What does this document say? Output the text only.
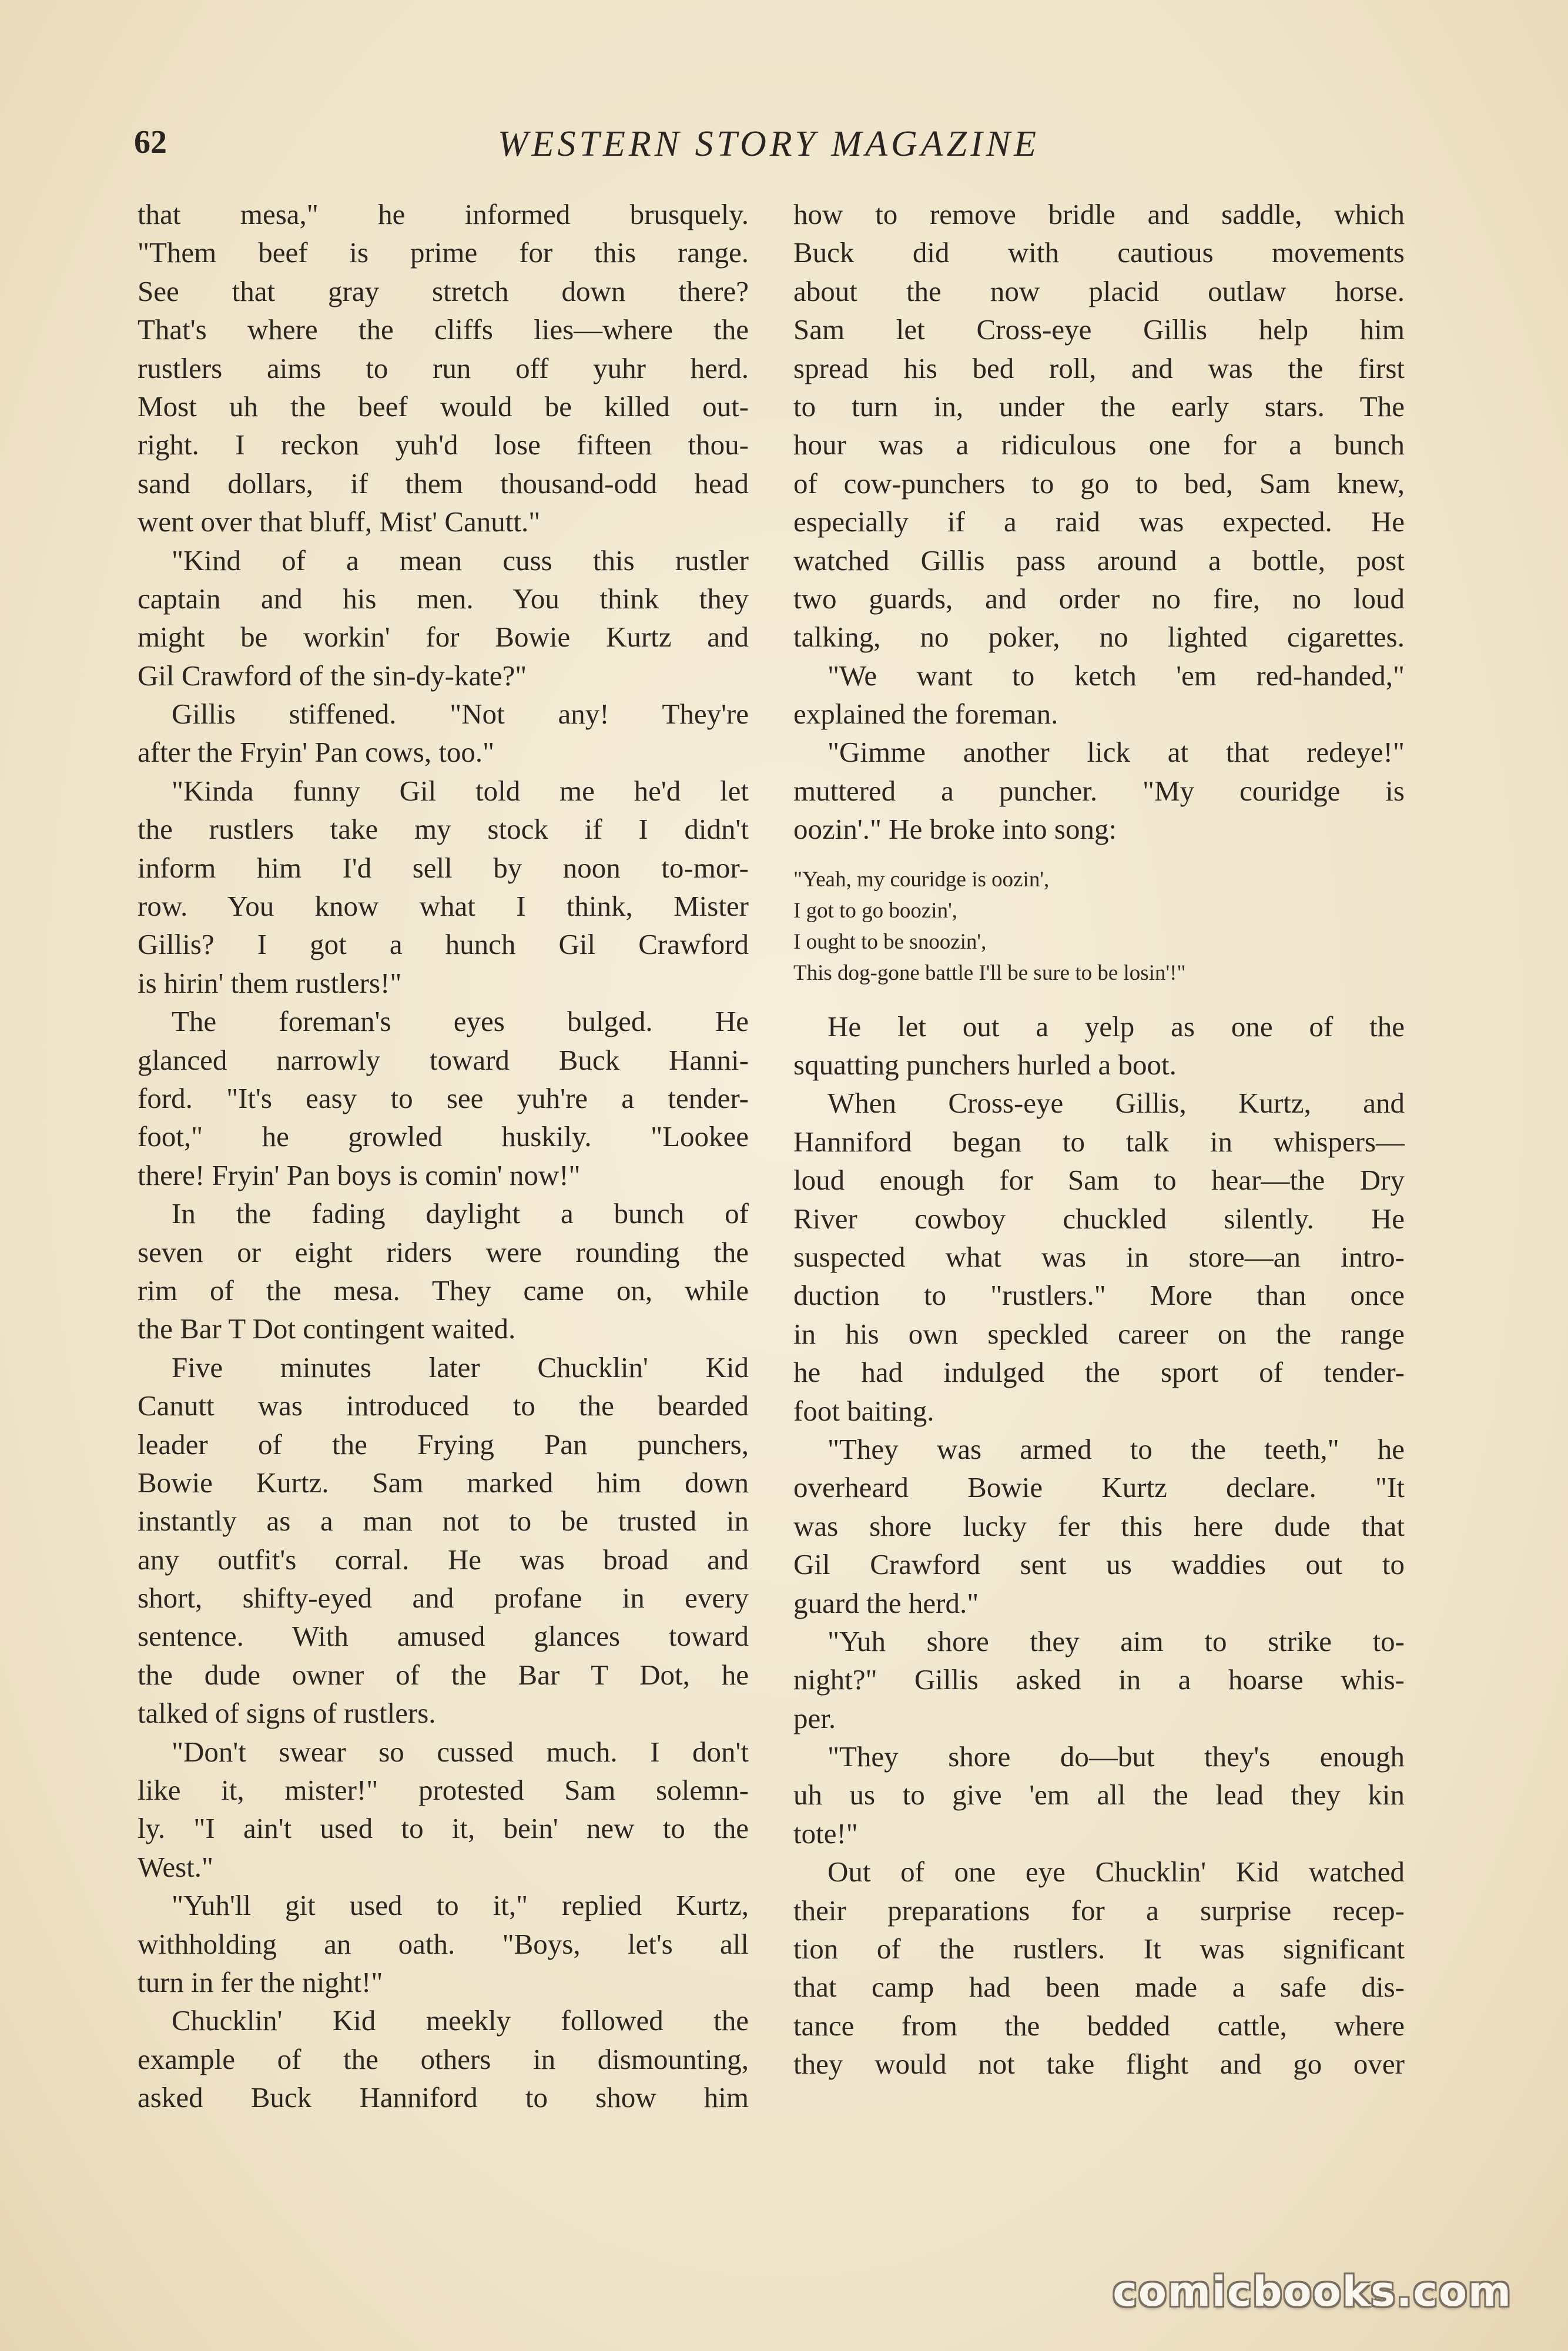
62	WESTERN STORY MAGAZINE
that mesa," he informed brusquely.
"Them beef is prime for this range.
See that gray stretch down there?
That's where the cliffs lies—where the
rustlers aims to run off yuhr herd.
Most uh the beef would be killed out-
right. I reckon yuh'd lose fifteen thou-
sand dollars, if them thousand-odd head
went over that bluff, Mist' Canutt."
"Kind of a mean cuss this rustler
captain and his men. You think they
might be workin' for Bowie Kurtz and
Gil Crawford of the sin-dy-kate?"
Gillis stiffened. "Not any! They're
after the Fryin' Pan cows, too."
"Kinda funny Gil told me he'd let
the rustlers take my stock if I didn't
inform him I'd sell by noon to-mor-
row. You know what I think, Mister
Gillis? I got a hunch Gil Crawford
is hirin' them rustlers!"
The foreman's eyes bulged. He
glanced narrowly toward Buck Hanni-
ford. "It's easy to see yuh're a tender-
foot," he growled huskily. "Lookee
there! Fryin' Pan boys is comin' now!"
In the fading daylight a bunch of
seven or eight riders were rounding the
rim of the mesa. They came on, while
the Bar T Dot contingent waited.
Five minutes later Chucklin' Kid
Canutt was introduced to the bearded
leader of the Frying Pan punchers,
Bowie Kurtz. Sam marked him down
instantly as a man not to be trusted in
any outfit's corral. He was broad and
short, shifty-eyed and profane in every
sentence. With amused glances toward
the dude owner of the Bar T Dot, he
talked of signs of rustlers.
"Don't swear so cussed much. I don't
like it, mister!" protested Sam solemn-
ly. "I ain't used to it, bein' new to the
West."
"Yuh'll git used to it," replied Kurtz,
withholding an oath. "Boys, let's all
turn in fer the night!"
Chucklin' Kid meekly followed the
example of the others in dismounting,
asked Buck Hanniford to show him
how to remove bridle and saddle, which
Buck did with cautious movements
about the now placid outlaw horse.
Sam let Cross-eye Gillis help him
spread his bed roll, and was the first
to turn in, under the early stars. The
hour was a ridiculous one for a bunch
of cow-punchers to go to bed, Sam knew,
especially if a raid was expected. He
watched Gillis pass around a bottle, post
two guards, and order no fire, no loud
talking, no poker, no lighted cigarettes.
"We want to ketch 'em red-handed,"
explained the foreman.
"Gimme another lick at that redeye!"
muttered a puncher. "My couridge is
oozin'." He broke into song:
"Yeah, my couridge is oozin',
I got to go boozin',
I ought to be snoozin',
This dog-gone battle I'll be sure to be losin'!"
He let out a yelp as one of the
squatting punchers hurled a boot.
When Cross-eye Gillis, Kurtz, and
Hanniford began to talk in whispers—
loud enough for Sam to hear—the Dry
River cowboy chuckled silently. He
suspected what was in store—an intro-
duction to "rustlers." More than once
in his own speckled career on the range
he had indulged the sport of tender-
foot baiting.
"They was armed to the teeth," he
overheard Bowie Kurtz declare. "It
was shore lucky fer this here dude that
Gil Crawford sent us waddies out to
guard the herd."
"Yuh shore they aim to strike to-
night?" Gillis asked in a hoarse whis-
per.
"They shore do—but they's enough
uh us to give 'em all the lead they kin
tote!"
Out of one eye Chucklin' Kid watched
their preparations for a surprise recep-
tion of the rustlers. It was significant
that camp had been made a safe dis-
tance from the bedded cattle, where
they would not take flight and go over
comicbooks.com
